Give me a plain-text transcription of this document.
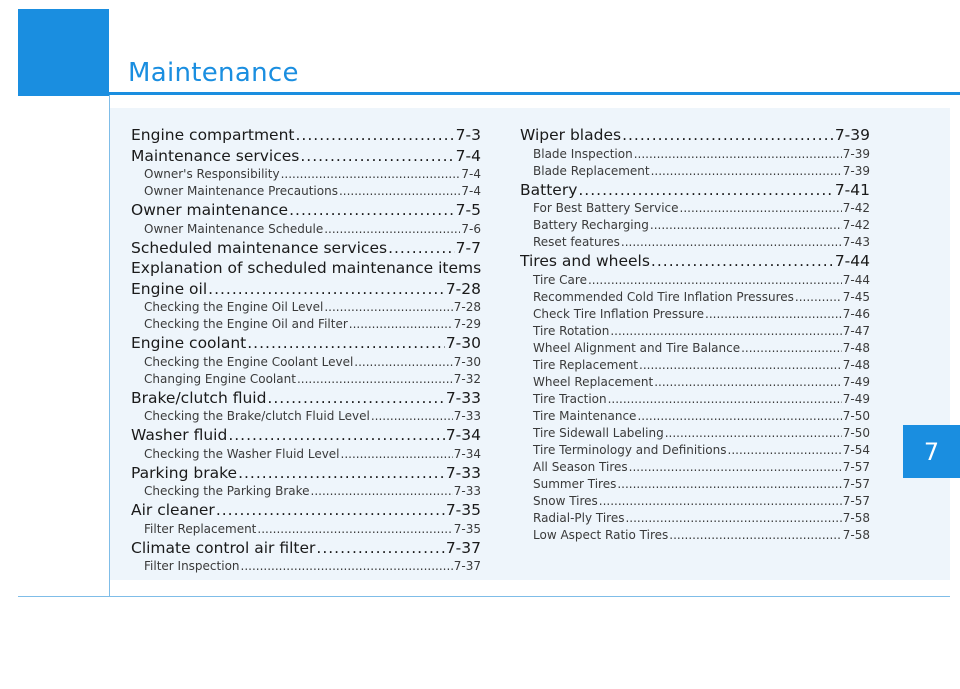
Maintenance
7
Engine compartment .....	7-3
Maintenance services .....	7-4
Owner's Responsibility .....	7-4
Owner Maintenance Precautions .....	7-4
Owner maintenance .....	7-5
Owner Maintenance Schedule .....	7-6
Scheduled maintenance services .....	7-7
Explanation of scheduled maintenance items
Engine oil .....	7-28
Checking the Engine Oil Level .....	7-28
Checking the Engine Oil and Filter .....	7-29
Engine coolant .....	7-30
Checking the Engine Coolant Level .....	7-30
Changing Engine Coolant .....	7-32
Brake/clutch fluid .....	7-33
Checking the Brake/clutch Fluid Level .....	7-33
Washer fluid .....	7-34
Checking the Washer Fluid Level .....	7-34
Parking brake .....	7-33
Checking the Parking Brake .....	7-33
Air cleaner .....	7-35
Filter Replacement .....	7-35
Climate control air filter .....	7-37
Filter Inspection .....	7-37
Wiper blades .....	7-39
Blade Inspection .....	7-39
Blade Replacement .....	7-39
Battery .....	7-41
For Best Battery Service .....	7-42
Battery Recharging .....	7-42
Reset features .....	7-43
Tires and wheels .....	7-44
Tire Care .....	7-44
Recommended Cold Tire Inflation Pressures .....	7-45
Check Tire Inflation Pressure .....	7-46
Tire Rotation .....	7-47
Wheel Alignment and Tire Balance .....	7-48
Tire Replacement .....	7-48
Wheel Replacement .....	7-49
Tire Traction .....	7-49
Tire Maintenance .....	7-50
Tire Sidewall Labeling .....	7-50
Tire Terminology and Definitions .....	7-54
All Season Tires .....	7-57
Summer Tires .....	7-57
Snow Tires .....	7-57
Radial-Ply Tires .....	7-58
Low Aspect Ratio Tires .....	7-58
